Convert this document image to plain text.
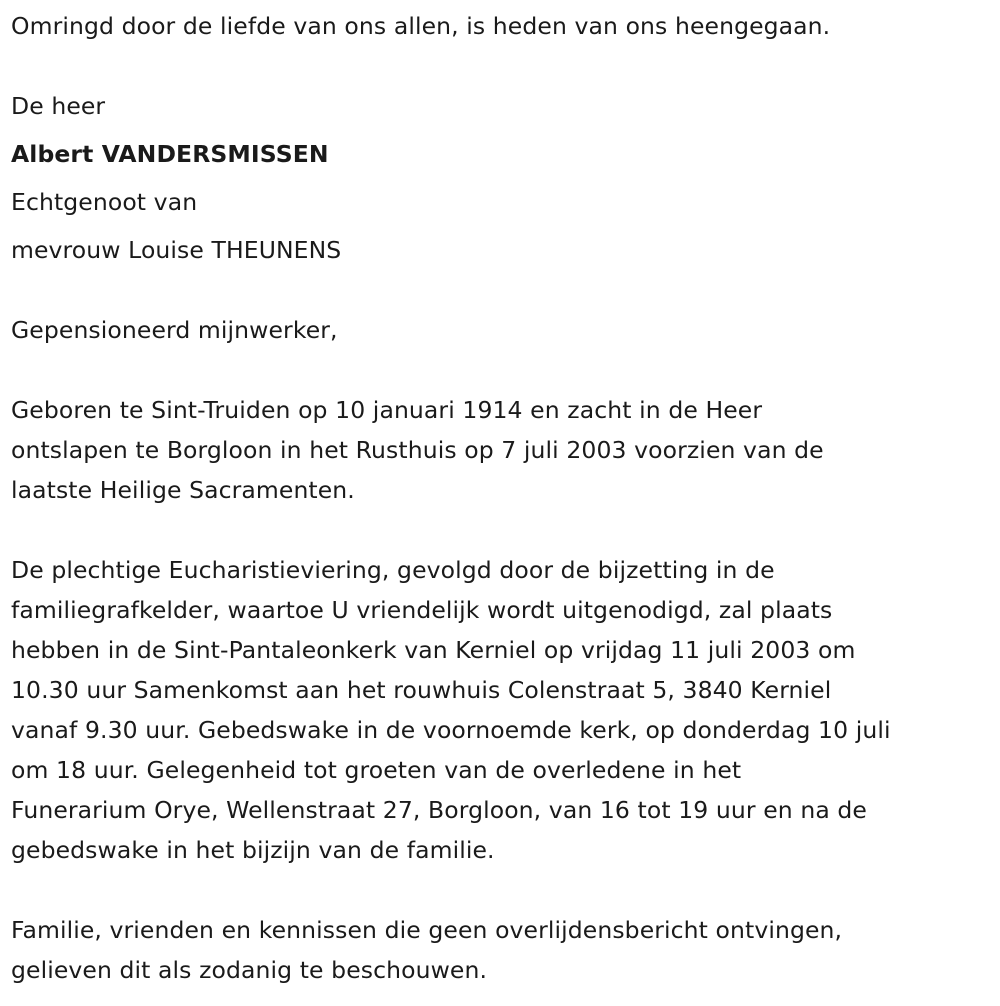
Omringd door de liefde van ons allen, is heden van ons heengegaan.
De heer
Albert VANDERSMISSEN
Echtgenoot van
mevrouw Louise THEUNENS
Gepensioneerd mijnwerker,
Geboren te Sint-Truiden op 10 januari 1914 en zacht in de Heer
ontslapen te Borgloon in het Rusthuis op 7 juli 2003 voorzien van de
laatste Heilige Sacramenten.
De plechtige Eucharistieviering, gevolgd door de bijzetting in de
familiegrafkelder, waartoe U vriendelijk wordt uitgenodigd, zal plaats
hebben in de Sint-Pantaleonkerk van Kerniel op vrijdag 11 juli 2003 om
10.30 uur Samenkomst aan het rouwhuis Colenstraat 5, 3840 Kerniel
vanaf 9.30 uur. Gebedswake in de voornoemde kerk, op donderdag 10 juli
om 18 uur. Gelegenheid tot groeten van de overledene in het
Funerarium Orye, Wellenstraat 27, Borgloon, van 16 tot 19 uur en na de
gebedswake in het bijzijn van de familie.
Familie, vrienden en kennissen die geen overlijdensbericht ontvingen,
gelieven dit als zodanig te beschouwen.
